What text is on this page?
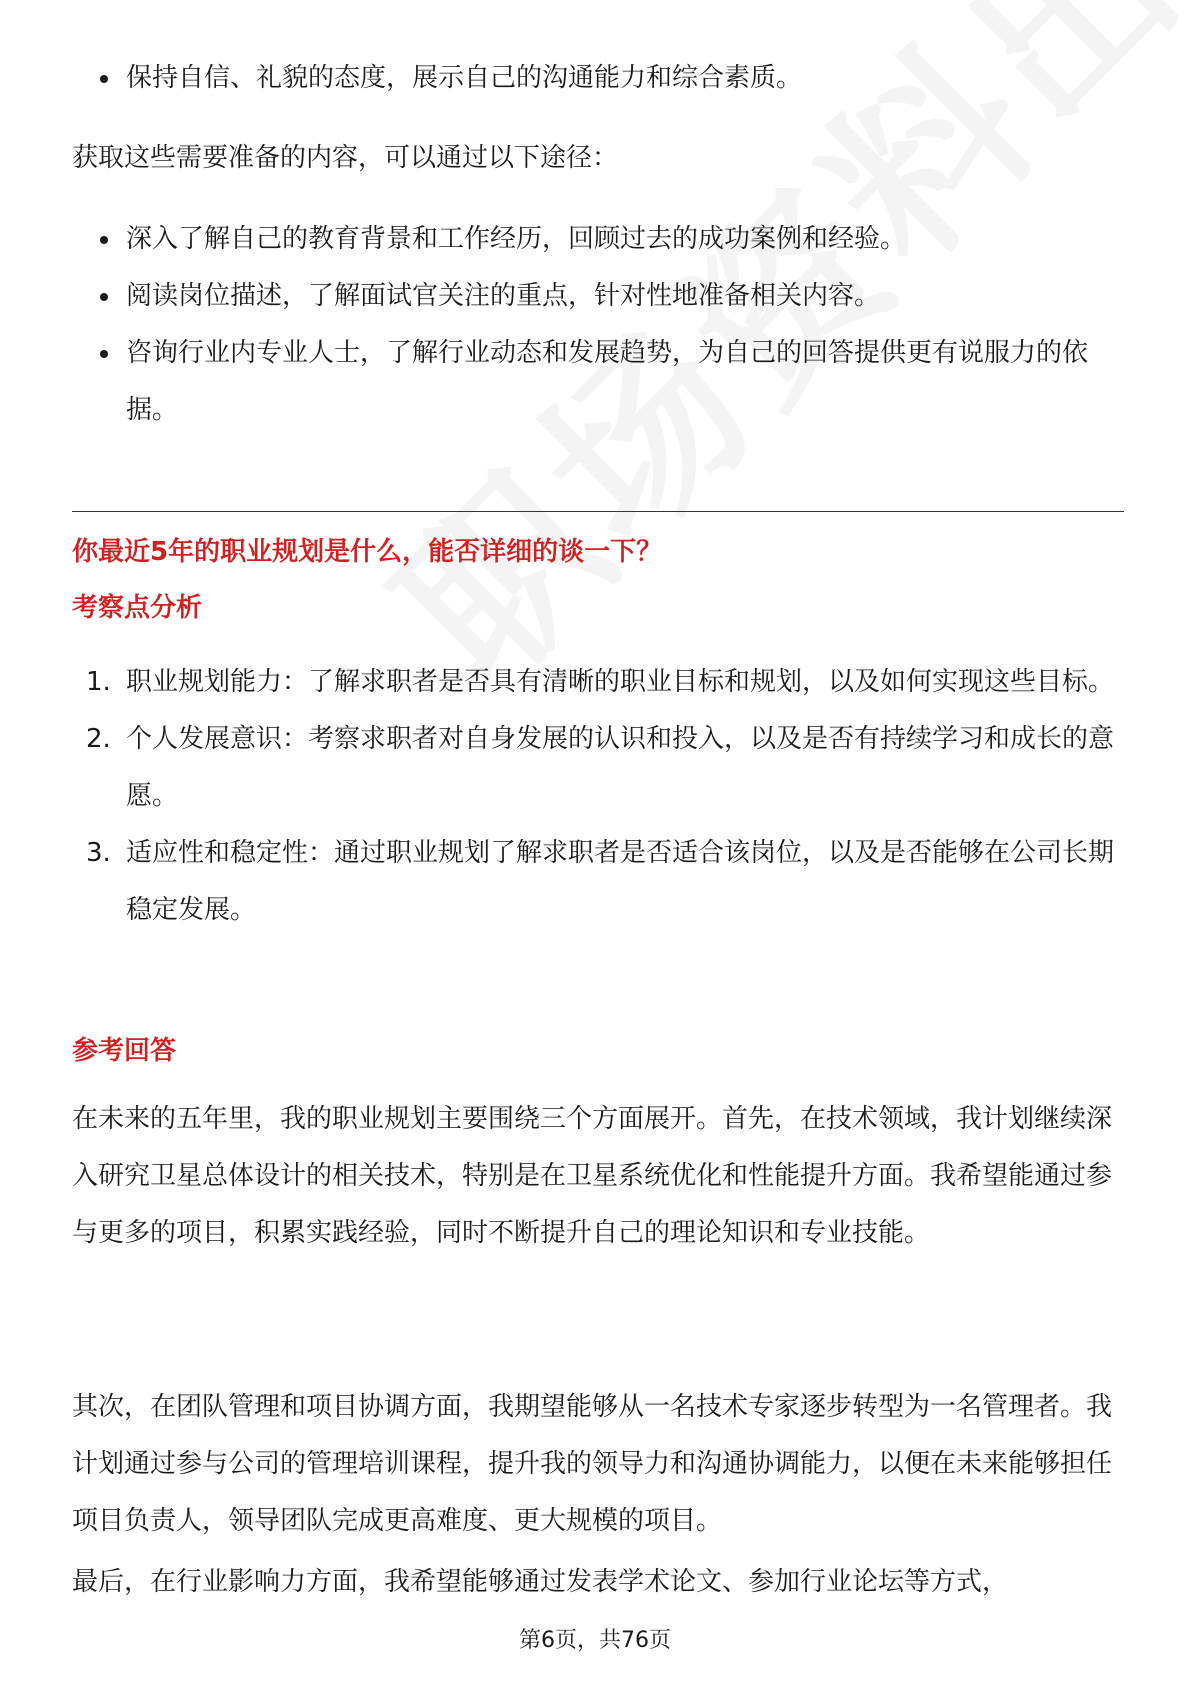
保持自信、礼貌的态度，展示自己的沟通能力和综合素质。
获取这些需要准备的内容，可以通过以下途径：
深入了解自己的教育背景和工作经历，回顾过去的成功案例和经验。
阅读岗位描述，了解面试官关注的重点，针对性地准备相关内容。
咨询行业内专业人士，了解行业动态和发展趋势，为自己的回答提供更有说服力的依据。
你最近5年的职业规划是什么，能否详细的谈一下？
考察点分析
1. 职业规划能力：了解求职者是否具有清晰的职业目标和规划，以及如何实现这些目标。
2. 个人发展意识：考察求职者对自身发展的认识和投入，以及是否有持续学习和成长的意愿。
3. 适应性和稳定性：通过职业规划了解求职者是否适合该岗位，以及是否能够在公司长期稳定发展。
参考回答
在未来的五年里，我的职业规划主要围绕三个方面展开。首先，在技术领域，我计划继续深入研究卫星总体设计的相关技术，特别是在卫星系统优化和性能提升方面。我希望能通过参与更多的项目，积累实践经验，同时不断提升自己的理论知识和专业技能。
其次，在团队管理和项目协调方面，我期望能够从一名技术专家逐步转型为一名管理者。我计划通过参与公司的管理培训课程，提升我的领导力和沟通协调能力，以便在未来能够担任项目负责人，领导团队完成更高难度、更大规模的项目。
最后，在行业影响力方面，我希望能够通过发表学术论文、参加行业论坛等方式，
第6页，共76页
